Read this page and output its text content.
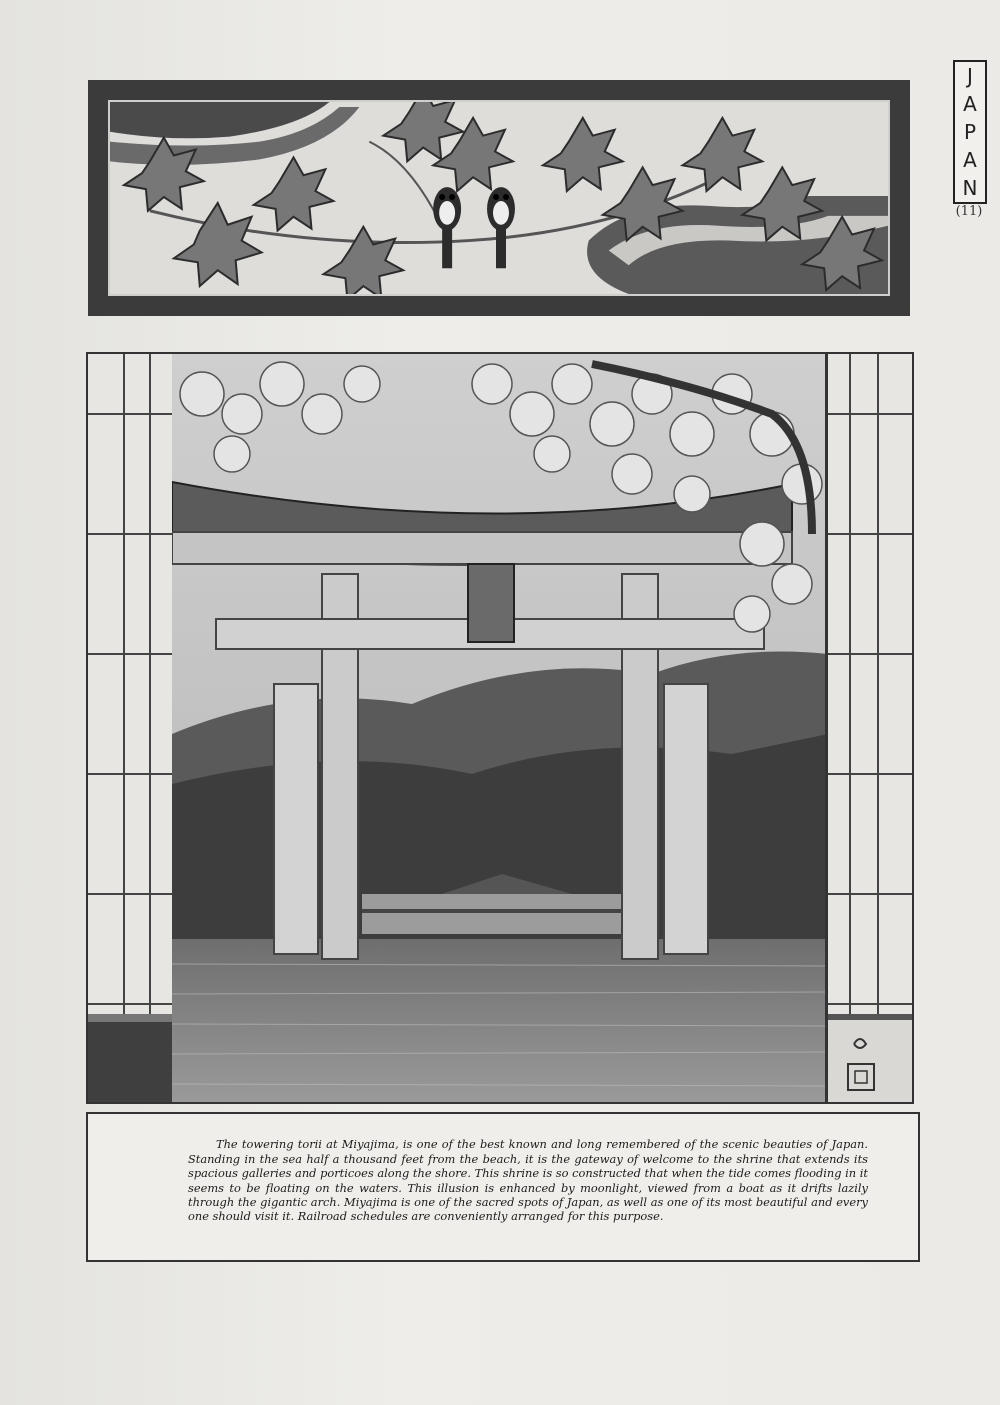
J
A
P
A
N
(11)

The towering torii at Miyajima, is one of the best known and long remembered of the scenic beauties of Japan. Standing in the sea half a thousand feet from the beach, it is the gateway of welcome to the shrine that extends its spacious galleries and porticoes along the shore. This shrine is so constructed that when the tide comes flooding in it seems to be floating on the waters. This illusion is enhanced by moonlight, viewed from a boat as it drifts lazily through the gigantic arch. Miyajima is one of the sacred spots of Japan, as well as one of its most beautiful and every one should visit it. Railroad schedules are conveniently arranged for this purpose.
